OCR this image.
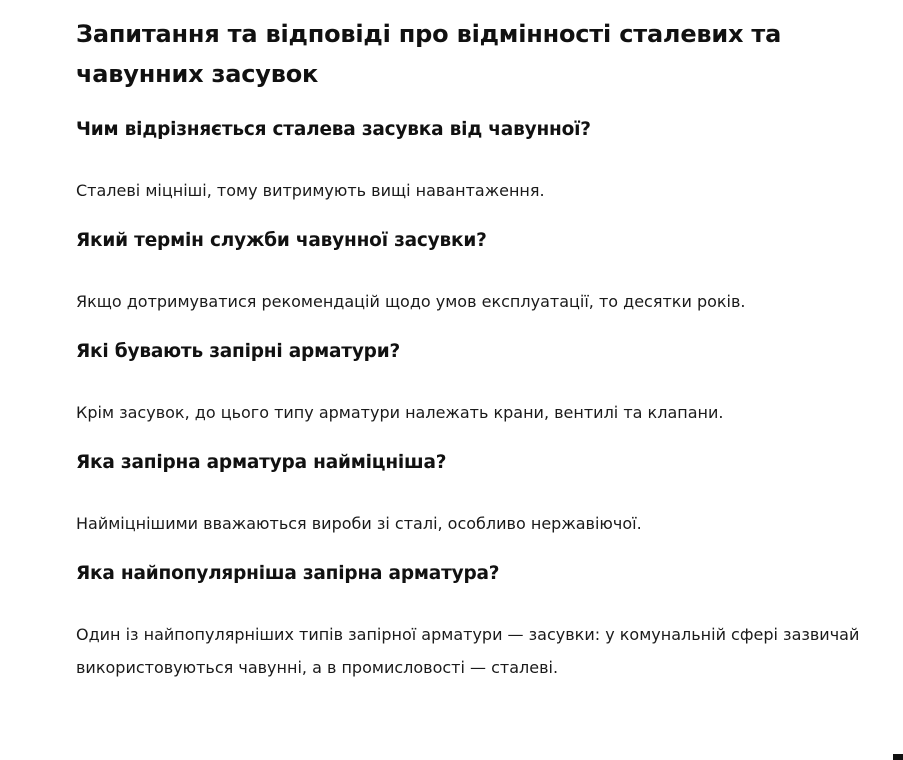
Запитання та відповіді про відмінності сталевих та чавунних засувок
Чим відрізняється сталева засувка від чавунної?

Сталеві міцніші, тому витримують вищі навантаження.

Який термін служби чавунної засувки?

Якщо дотримуватися рекомендацій щодо умов експлуатації, то десятки років.

Які бувають запірні арматури?

Крім засувок, до цього типу арматури належать крани, вентилі та клапани.

Яка запірна арматура найміцніша?

Найміцнішими вважаються вироби зі сталі, особливо нержавіючої.

Яка найпопулярніша запірна арматура?

Один із найпопулярніших типів запірної арматури — засувки: у комунальній сфері зазвичай використовуються чавунні, а в промисловості — сталеві.
